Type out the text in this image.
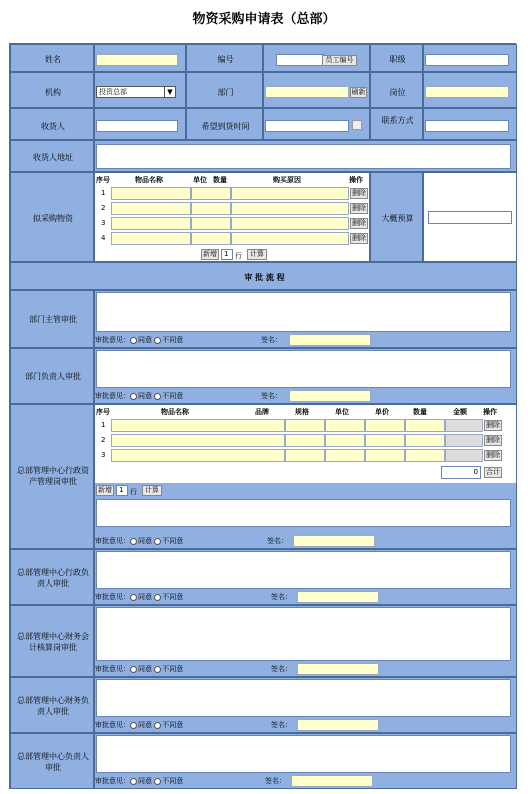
物资采购申请表（总部）
姓名	编号	员工编号	职级
机构	投资总部	▼	部门	刷新	岗位
收货人	希望到货时间
联系方式
收货人地址
拟采购物资
序号	物品名称	单位 数量	购买原因	操作
1	删除
2	删除
3	删除
4	删除
新增	1 行	计算
大概预算
审 批 流 程
部门主管审批
审批意见： 同意 不同意	签名：
部门负责人审批
审批意见： 同意 不同意	签名：
总部管理中心行政资产管理岗审批
序号	物品名称	品牌	规格	单位	单价	数量	金额 操作
1	删除
2	删除
3	删除
0	合计
新增	1 行	计算
审批意见： 同意 不同意	签名：
总部管理中心行政负责人审批
审批意见： 同意 不同意	签名：
总部管理中心财务会计核算岗审批
审批意见： 同意 不同意	签名：
总部管理中心财务负责人审批
审批意见： 同意 不同意	签名：
总部管理中心负责人审批
审批意见： 同意 不同意	签名：
